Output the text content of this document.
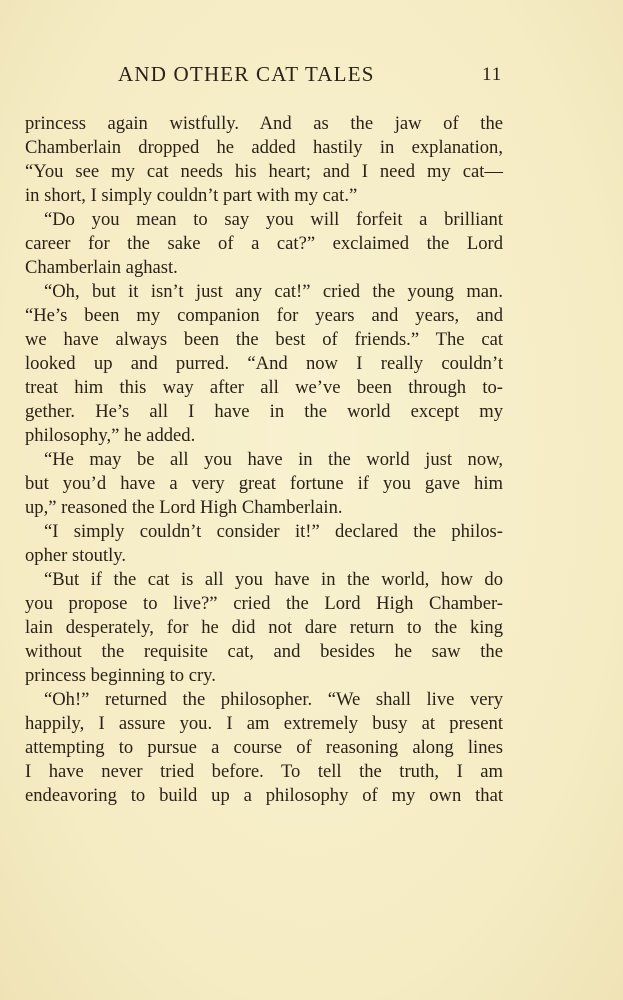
AND OTHER CAT TALES	11
princess again wistfully. And as the jaw of the
Chamberlain dropped he added hastily in explanation,
“You see my cat needs his heart; and I need my cat—
in short, I simply couldn’t part with my cat.”
“Do you mean to say you will forfeit a brilliant
career for the sake of a cat?” exclaimed the Lord
Chamberlain aghast.
“Oh, but it isn’t just any cat!” cried the young man.
“He’s been my companion for years and years, and
we have always been the best of friends.” The cat
looked up and purred. “And now I really couldn’t
treat him this way after all we’ve been through to-
gether. He’s all I have in the world except my
philosophy,” he added.
“He may be all you have in the world just now,
but you’d have a very great fortune if you gave him
up,” reasoned the Lord High Chamberlain.
“I simply couldn’t consider it!” declared the philos-
opher stoutly.
“But if the cat is all you have in the world, how do
you propose to live?” cried the Lord High Chamber-
lain desperately, for he did not dare return to the king
without the requisite cat, and besides he saw the
princess beginning to cry.
“Oh!” returned the philosopher. “We shall live very
happily, I assure you. I am extremely busy at present
attempting to pursue a course of reasoning along lines
I have never tried before. To tell the truth, I am
endeavoring to build up a philosophy of my own that
